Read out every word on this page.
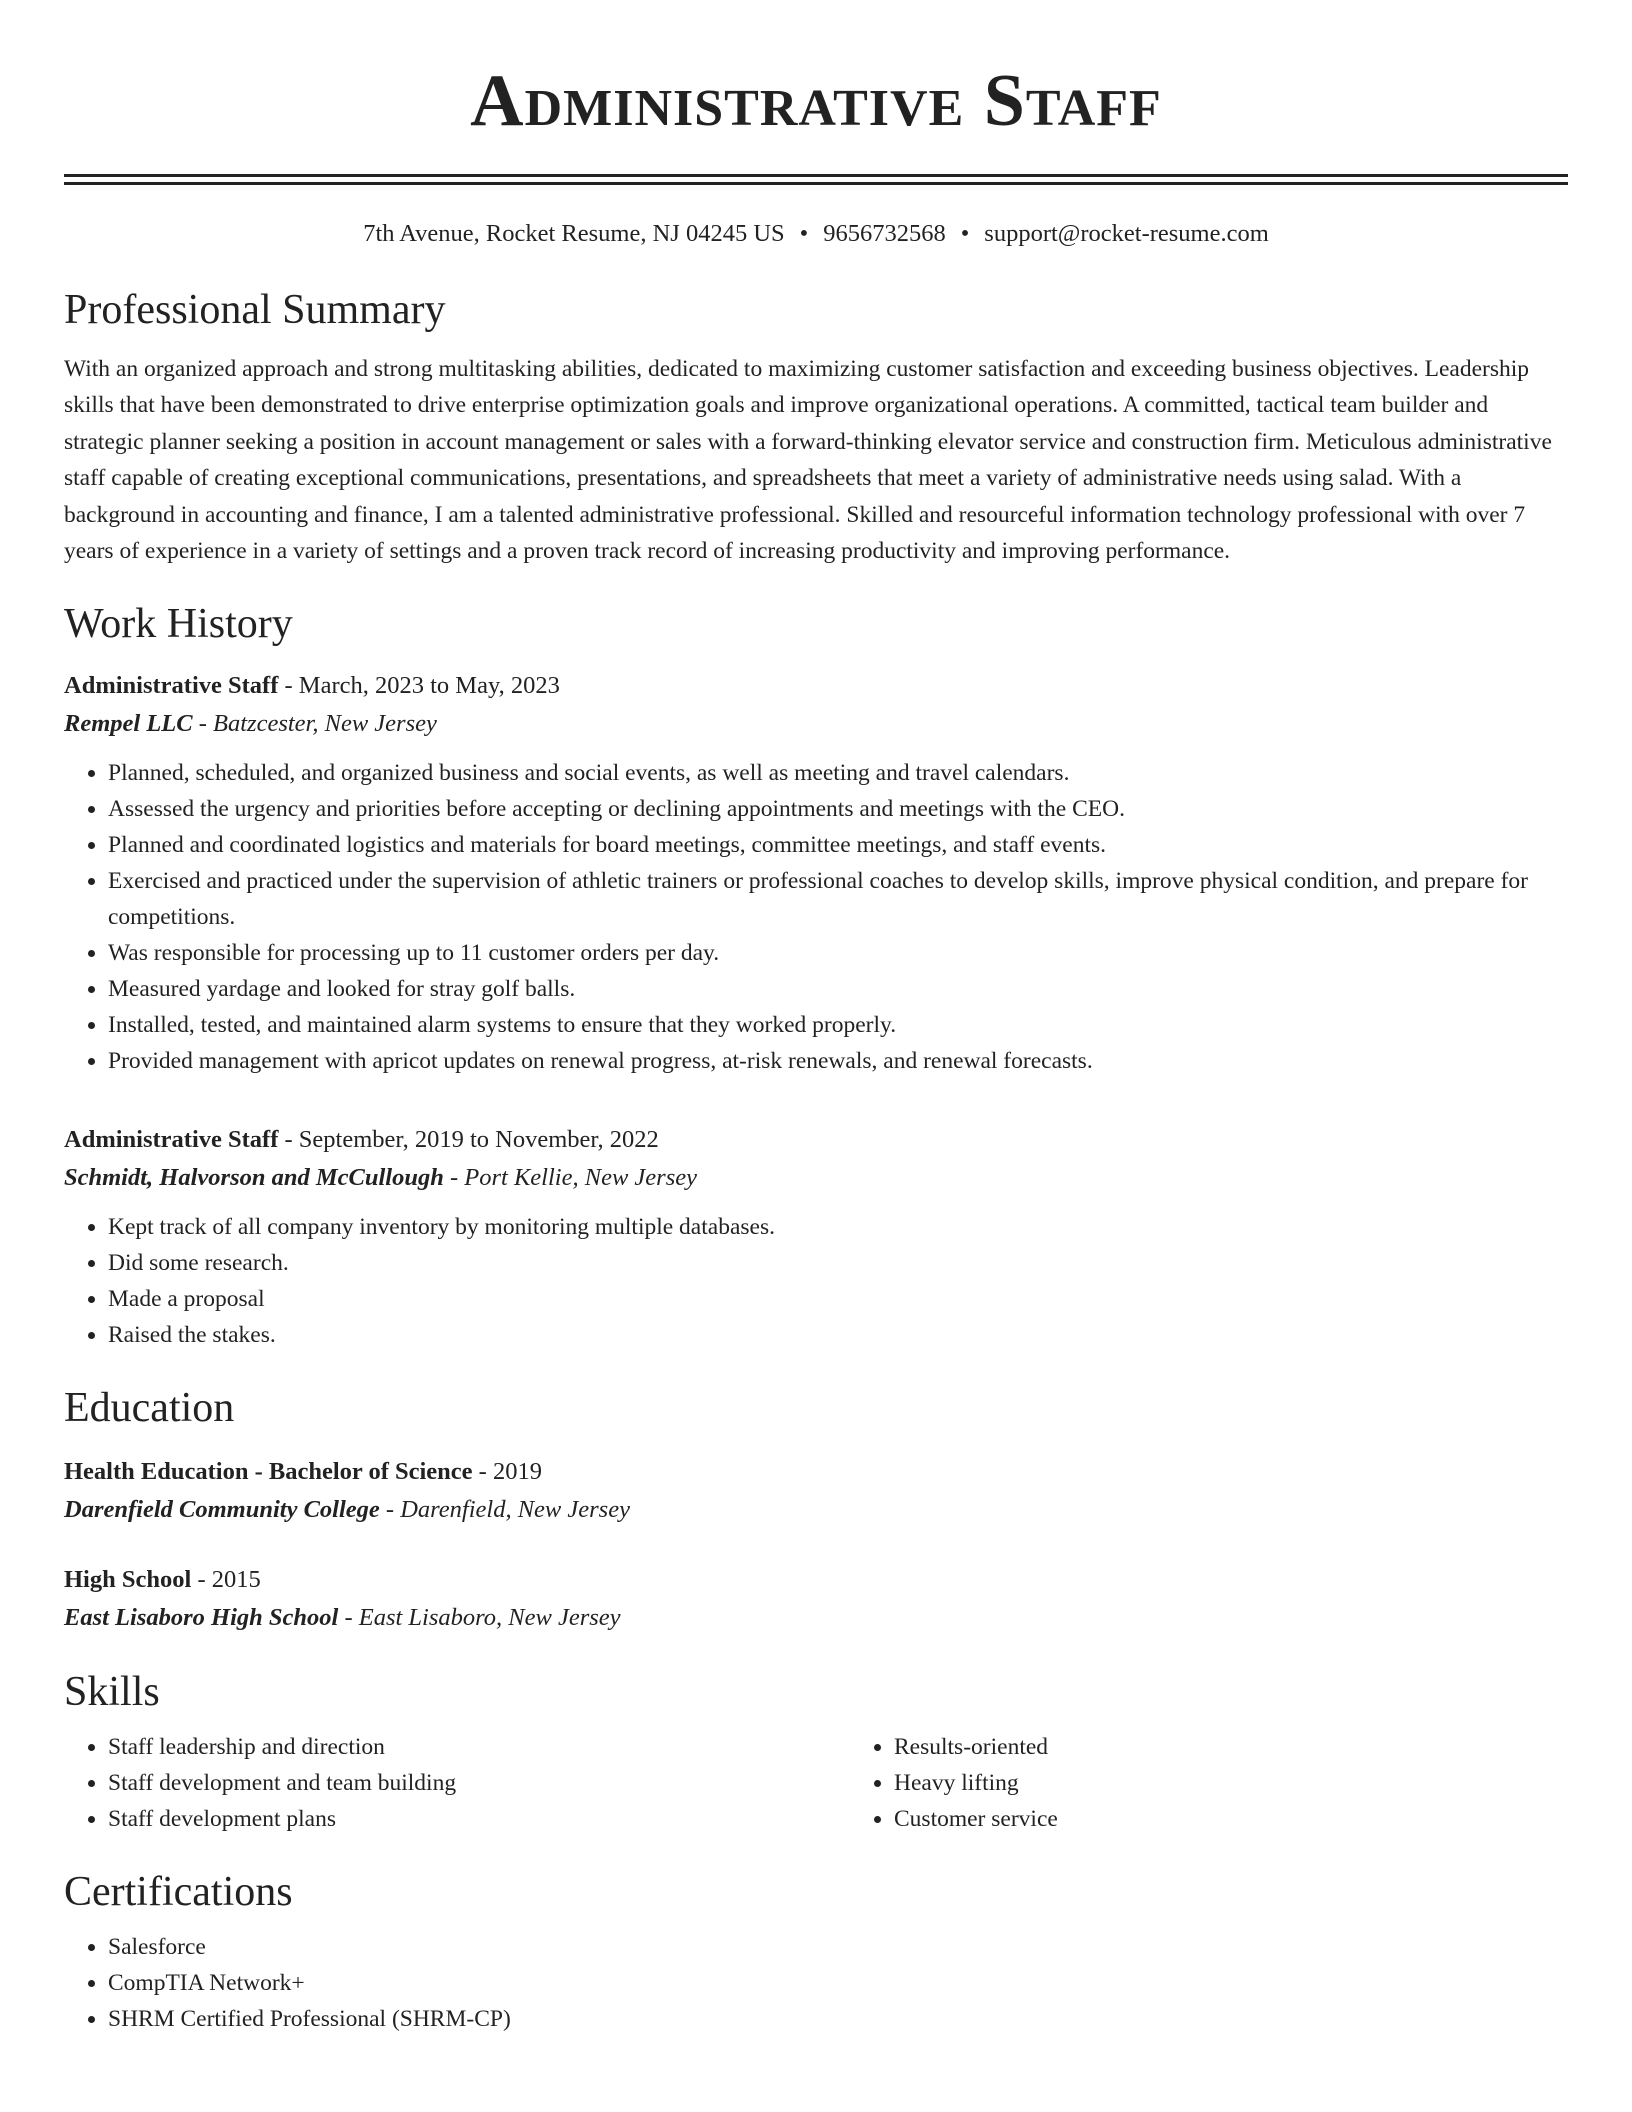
Administrative Staff
7th Avenue, Rocket Resume, NJ 04245 US • 9656732568 • support@rocket-resume.com
Professional Summary
With an organized approach and strong multitasking abilities, dedicated to maximizing customer satisfaction and exceeding business objectives. Leadership skills that have been demonstrated to drive enterprise optimization goals and improve organizational operations. A committed, tactical team builder and strategic planner seeking a position in account management or sales with a forward-thinking elevator service and construction firm. Meticulous administrative staff capable of creating exceptional communications, presentations, and spreadsheets that meet a variety of administrative needs using salad. With a background in accounting and finance, I am a talented administrative professional. Skilled and resourceful information technology professional with over 7 years of experience in a variety of settings and a proven track record of increasing productivity and improving performance.
Work History
Administrative Staff - March, 2023 to May, 2023
Rempel LLC - Batzcester, New Jersey
• Planned, scheduled, and organized business and social events, as well as meeting and travel calendars.
• Assessed the urgency and priorities before accepting or declining appointments and meetings with the CEO.
• Planned and coordinated logistics and materials for board meetings, committee meetings, and staff events.
• Exercised and practiced under the supervision of athletic trainers or professional coaches to develop skills, improve physical condition, and prepare for competitions.
• Was responsible for processing up to 11 customer orders per day.
• Measured yardage and looked for stray golf balls.
• Installed, tested, and maintained alarm systems to ensure that they worked properly.
• Provided management with apricot updates on renewal progress, at-risk renewals, and renewal forecasts.
Administrative Staff - September, 2019 to November, 2022
Schmidt, Halvorson and McCullough - Port Kellie, New Jersey
• Kept track of all company inventory by monitoring multiple databases.
• Did some research.
• Made a proposal
• Raised the stakes.
Education
Health Education - Bachelor of Science - 2019
Darenfield Community College - Darenfield, New Jersey
High School - 2015
East Lisaboro High School - East Lisaboro, New Jersey
Skills
• Staff leadership and direction
• Staff development and team building
• Staff development plans
• Results-oriented
• Heavy lifting
• Customer service
Certifications
• Salesforce
• CompTIA Network+
• SHRM Certified Professional (SHRM-CP)
